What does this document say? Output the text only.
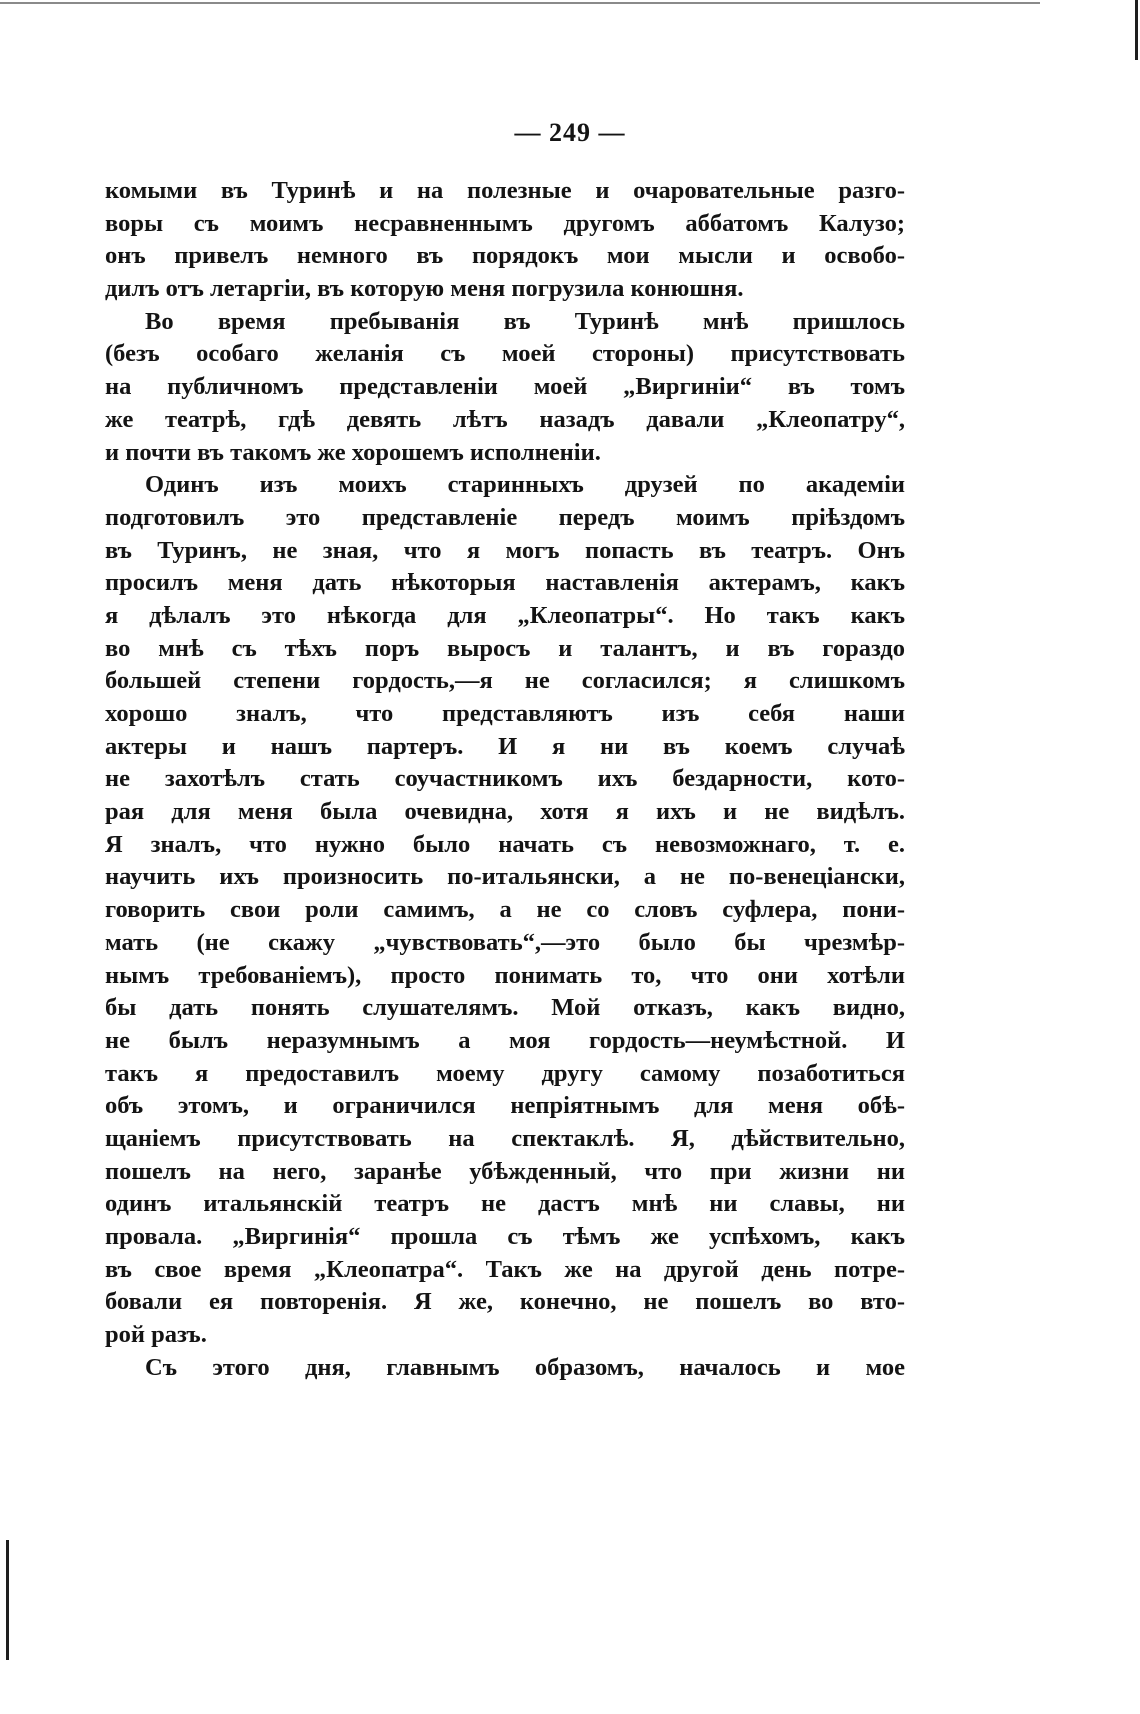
— 249 —
комыми въ Туринѣ и на полезные и очаровательные разго-
воры съ моимъ несравненнымъ другомъ аббатомъ Калузо;
онъ привелъ немного въ порядокъ мои мысли и освобо-
дилъ отъ летаргіи, въ которую меня погрузила конюшня.
Во время пребыванія въ Туринѣ мнѣ пришлось
(безъ особаго желанія съ моей стороны) присутствовать
на публичномъ представленіи моей „Виргиніи“ въ томъ
же театрѣ, гдѣ девять лѣтъ назадъ давали „Клеопатру“,
и почти въ такомъ же хорошемъ исполненіи.
Одинъ изъ моихъ старинныхъ друзей по академіи
подготовилъ это представленіе передъ моимъ пріѣздомъ
въ Туринъ, не зная, что я могъ попасть въ театръ. Онъ
просилъ меня дать нѣкоторыя наставленія актерамъ, какъ
я дѣлалъ это нѣкогда для „Клеопатры“. Но такъ какъ
во мнѣ съ тѣхъ поръ выросъ и талантъ, и въ гораздо
большей степени гордость,—я не согласился; я слишкомъ
хорошо зналъ, что представляютъ изъ себя наши
актеры и нашъ партеръ. И я ни въ коемъ случаѣ
не захотѣлъ стать соучастникомъ ихъ бездарности, кото-
рая для меня была очевидна, хотя я ихъ и не видѣлъ.
Я зналъ, что нужно было начать съ невозможнаго, т. е.
научить ихъ произносить по-итальянски, а не по-венеціански,
говорить свои роли самимъ, а не со словъ суфлера, пони-
мать (не скажу „чувствовать“,—это было бы чрезмѣр-
нымъ требованіемъ), просто понимать то, что они хотѣли
бы дать понять слушателямъ. Мой отказъ, какъ видно,
не былъ неразумнымъ а моя гордость—неумѣстной. И
такъ я предоставилъ моему другу самому позаботиться
объ этомъ, и ограничился непріятнымъ для меня обѣ-
щаніемъ присутствовать на спектаклѣ. Я, дѣйствительно,
пошелъ на него, заранѣе убѣжденный, что при жизни ни
одинъ итальянскій театръ не дастъ мнѣ ни славы, ни
провала. „Виргинія“ прошла съ тѣмъ же успѣхомъ, какъ
въ свое время „Клеопатра“. Такъ же на другой день потре-
бовали ея повторенія. Я же, конечно, не пошелъ во вто-
рой разъ.
Съ этого дня, главнымъ образомъ, началось и мое
